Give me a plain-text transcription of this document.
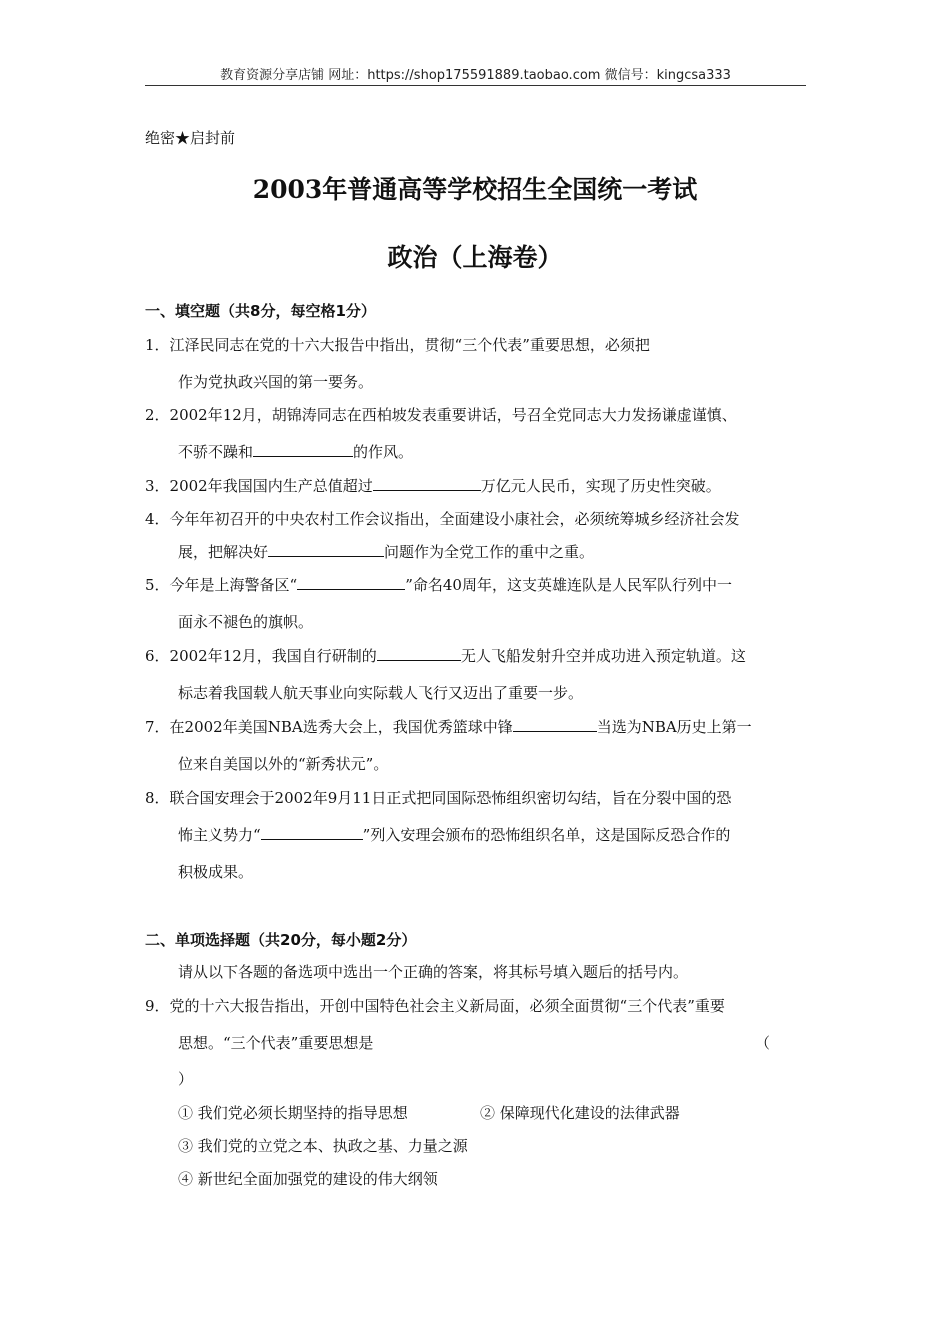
教育资源分享店铺 网址：https://shop175591889.taobao.com 微信号：kingcsa333
绝密★启封前
2003年普通高等学校招生全国统一考试
政治（上海卷）
一、填空题（共8分，每空格1分）
1．江泽民同志在党的十六大报告中指出，贯彻“三个代表”重要思想，必须把
作为党执政兴国的第一要务。
2．2002年12月，胡锦涛同志在西柏坡发表重要讲话，号召全党同志大力发扬谦虚谨慎、
不骄不躁和	的作风。
3．2002年我国国内生产总值超过	万亿元人民币，实现了历史性突破。
4．今年年初召开的中央农村工作会议指出，全面建设小康社会，必须统筹城乡经济社会发
展，把解决好	问题作为全党工作的重中之重。
5．今年是上海警备区“	”命名40周年，这支英雄连队是人民军队行列中一
面永不褪色的旗帜。
6．2002年12月，我国自行研制的	无人飞船发射升空并成功进入预定轨道。这
标志着我国载人航天事业向实际载人飞行又迈出了重要一步。
7．在2002年美国NBA选秀大会上，我国优秀篮球中锋	当选为NBA历史上第一
位来自美国以外的“新秀状元”。
8．联合国安理会于2002年9月11日正式把同国际恐怖组织密切勾结，旨在分裂中国的恐
怖主义势力“	”列入安理会颁布的恐怖组织名单，这是国际反恐合作的
积极成果。
二、单项选择题（共20分，每小题2分）
请从以下各题的备选项中选出一个正确的答案，将其标号填入题后的括号内。
9．党的十六大报告指出，开创中国特色社会主义新局面，必须全面贯彻“三个代表”重要
思想。“三个代表”重要思想是	（
）
① 我们党必须长期坚持的指导思想	② 保障现代化建设的法律武器
③ 我们党的立党之本、执政之基、力量之源
④ 新世纪全面加强党的建设的伟大纲领
